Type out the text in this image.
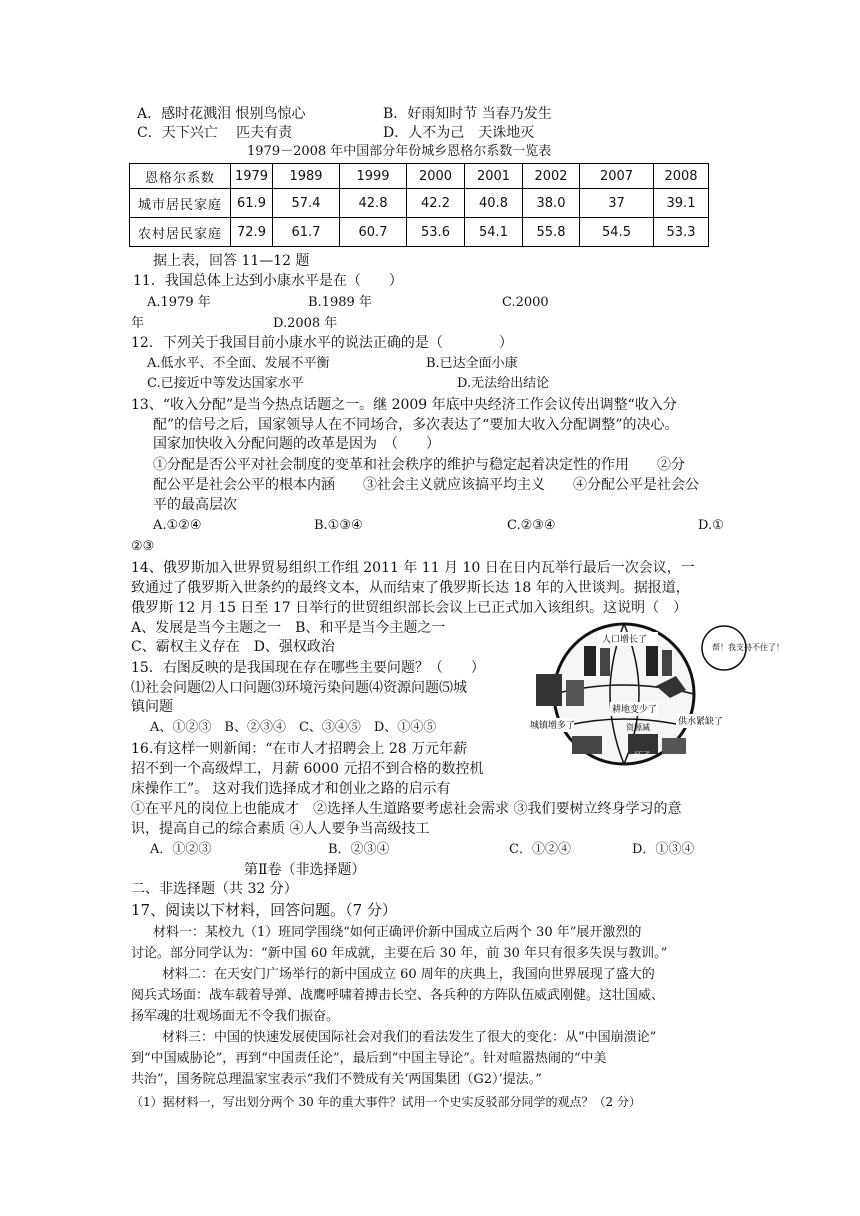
A．感时花溅泪 恨别鸟惊心	B．好雨知时节 当春乃发生
C．天下兴亡　 匹夫有责	D．人不为己　天诛地灭
1979－2008 年中国部分年份城乡恩格尔系数一览表
恩格尔系数	1979	1989	1999	2000	2001	2002	2007	2008
城市居民家庭	61.9	57.4	42.8	42.2	40.8	38.0	37	39.1
农村居民家庭	72.9	61.7	60.7	53.6	54.1	55.8	54.5	53.3
据上表，回答 11—12 题
11．我国总体上达到小康水平是在（　　）
A.1979 年	B.1989 年	C.2000
年	D.2008 年
12．下列关于我国目前小康水平的说法正确的是（　　　　）
A.低水平、不全面、发展不平衡	B.已达全面小康
C.已接近中等发达国家水平	D.无法给出结论
13、“收入分配”是当今热点话题之一。继 2009 年底中央经济工作会议传出调整“收入分
配”的信号之后，国家领导人在不同场合，多次表达了“要加大收入分配调整”的决心。
国家加快收入分配问题的改革是因为　（　　）
①分配是否公平对社会制度的变革和社会秩序的维护与稳定起着决定性的作用　　②分
配公平是社会公平的根本内涵　　③社会主义就应该搞平均主义　　④分配公平是社会公
平的最高层次
A.①②④	B.①③④	C.②③④	D.①
②③
14、俄罗斯加入世界贸易组织工作组 2011 年 11 月 10 日在日内瓦举行最后一次会议，一
致通过了俄罗斯入世条约的最终文本，从而结束了俄罗斯长达 18 年的入世谈判。据报道，
俄罗斯 12 月 15 日至 17 日举行的世贸组织部长会议上已正式加入该组织。这说明（　）
A、发展是当今主题之一　B、和平是当今主题之一
C、霸权主义存在　D、强权政治
15．右图反映的是我国现在存在哪些主要问题？（　　）
⑴社会问题⑵人口问题⑶环境污染问题⑷资源问题⑸城
镇问题
A、①②③　B、②③④　C、③④⑤　D、①④⑤
帮！我支持不住了！
人口增长了
耕地变少了
供水紧缺了
城镇增多了	资源减
坏了
16.有这样一则新闻：“在市人才招聘会上 28 万元年薪
招不到一个高级焊工，月薪 6000 元招不到合格的数控机
床操作工”。 这对我们选择成才和创业之路的启示有
①在平凡的岗位上也能成才　②选择人生道路要考虑社会需求 ③我们要树立终身学习的意
识，提高自己的综合素质 ④人人要争当高级技工
A．①②③	B．②③④	C．①②④	D．①③④
第Ⅱ卷（非选择题）
二、非选择题（共 32 分）
17、阅读以下材料，回答问题。（7 分）
材料一：某校九（1）班同学围绕“如何正确评价新中国成立后两个 30 年”展开激烈的
讨论。部分同学认为：“新中国 60 年成就，主要在后 30 年，前 30 年只有很多失误与教训。”
材料二：在天安门广场举行的新中国成立 60 周年的庆典上，我国向世界展现了盛大的
阅兵式场面：战车载着导弹、战鹰呼啸着搏击长空、各兵种的方阵队伍威武刚健。这壮国威、
扬军魂的壮观场面无不令我们振奋。
材料三：中国的快速发展使国际社会对我们的看法发生了很大的变化：从“中国崩溃论”
到“中国威胁论”，再到“中国责任论”，最后到“中国主导论”。针对喧嚣热闹的“中美
共治”，国务院总理温家宝表示“我们不赞成有关‘两国集团（G2）’提法。”
（1）据材料一，写出划分两个 30 年的重大事件？试用一个史实反驳部分同学的观点？（2 分）
